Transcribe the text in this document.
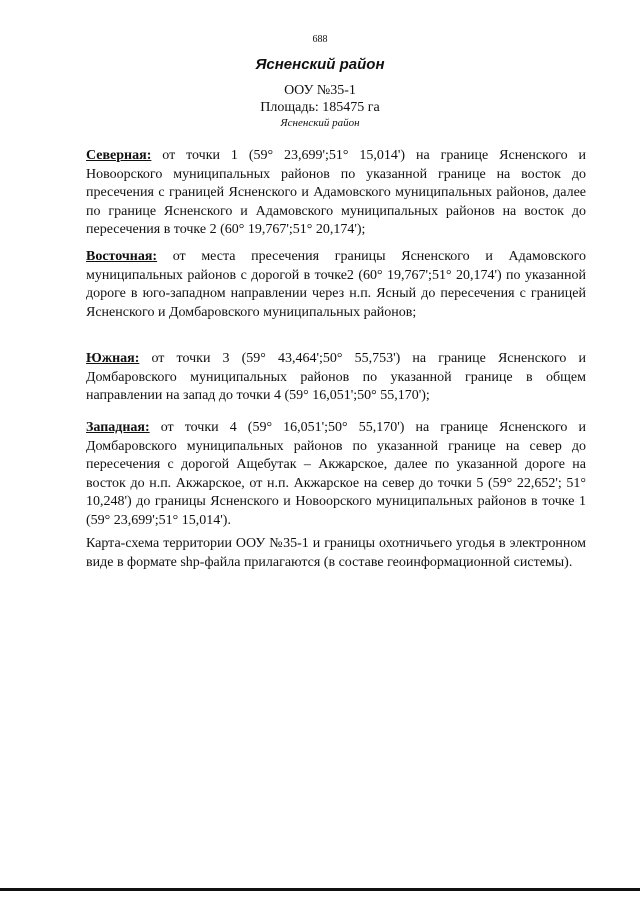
688
Ясненский район
ООУ №35-1
Площадь: 185475 га
Ясненский район
Северная: от точки 1 (59° 23,699';51° 15,014') на границе Ясненского и Новоорского муниципальных районов по указанной границе на восток до пресечения с границей Ясненского и Адамовского муниципальных районов, далее по границе Ясненского и Адамовского муниципальных районов на восток до пересечения в точке 2 (60° 19,767';51° 20,174');
Восточная: от места пресечения границы Ясненского и Адамовского муниципальных районов с дорогой в точке2 (60° 19,767';51° 20,174') по указанной дороге в юго-западном направлении через н.п. Ясный до пересечения с границей Ясненского и Домбаровского муниципальных районов;
Южная: от точки 3 (59° 43,464';50° 55,753') на границе Ясненского и Домбаровского муниципальных районов по указанной границе в общем направлении на запад до точки 4 (59° 16,051';50° 55,170');
Западная: от точки 4 (59° 16,051';50° 55,170') на границе Ясненского и Домбаровского муниципальных районов по указанной границе на север до пересечения с дорогой Ащебутак – Акжарское, далее по указанной дороге на восток до н.п. Акжарское, от н.п. Акжарское на север до точки 5 (59° 22,652'; 51° 10,248') до границы Ясненского и Новоорского муниципальных районов в точке 1 (59° 23,699';51° 15,014').
Карта-схема территории ООУ №35-1 и границы охотничьего угодья в электронном виде в формате shp-файла прилагаются (в составе геоинформационной системы).
